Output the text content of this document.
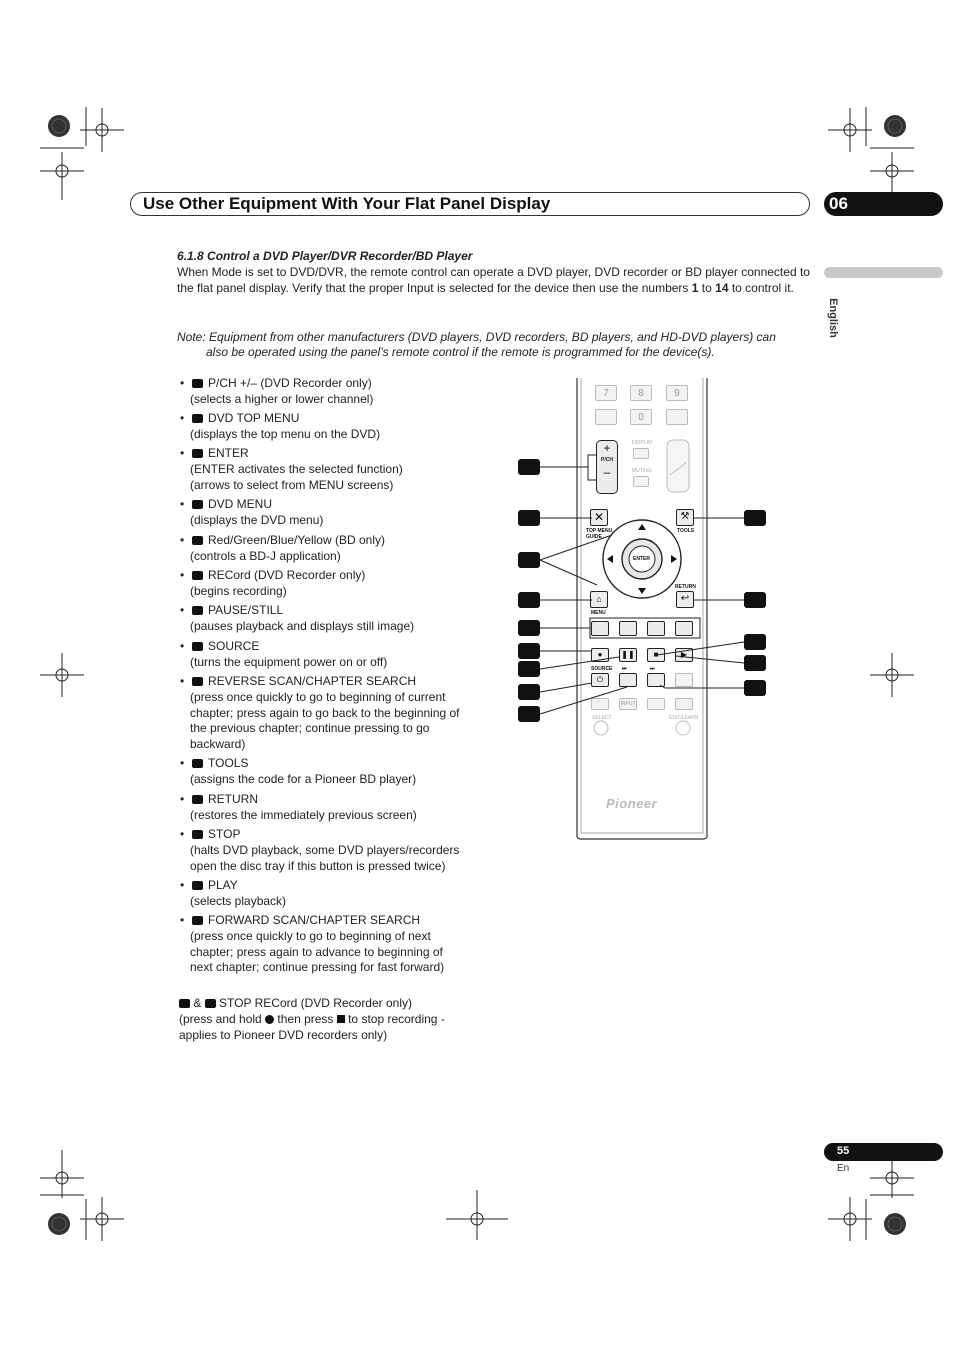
Use Other Equipment With Your Flat Panel Display	06
English
6.1.8 Control a DVD Player/DVR Recorder/BD Player
When Mode is set to DVD/DVR, the remote control can operate a DVD player, DVD recorder or BD player connected to the flat panel display. Verify that the proper Input is selected for the device then use the numbers 1 to 14 to control it.
Note: Equipment from other manufacturers (DVD players, DVD recorders, BD players, and HD-DVD players) can
also be operated using the panel’s remote control if the remote is programmed for the device(s).
•	P/CH +/– (DVD Recorder only)
(selects a higher or lower channel)
•	DVD TOP MENU
(displays the top menu on the DVD)
•	ENTER
(ENTER activates the selected function)
(arrows to select from MENU screens)
•	DVD MENU
(displays the DVD menu)
•	Red/Green/Blue/Yellow (BD only)
(controls a BD-J application)
•	RECord (DVD Recorder only)
(begins recording)
•	PAUSE/STILL
(pauses playback and displays still image)
•	SOURCE
(turns the equipment power on or off)
•	REVERSE SCAN/CHAPTER SEARCH
(press once quickly to go to beginning of current
chapter; press again to go back to the beginning of
the previous chapter; continue pressing to go
backward)
•	TOOLS
(assigns the code for a Pioneer BD player)
•	RETURN
(restores the immediately previous screen)
•	STOP
(halts DVD playback, some DVD players/recorders
open the disc tray if this button is pressed twice)
•	PLAY
(selects playback)
•	FORWARD SCAN/CHAPTER SEARCH
(press once quickly to go to beginning of next
chapter; press again to advance to beginning of
next chapter; continue pressing for fast forward)
& STOP RECord (DVD Recorder only)
(press and hold  then press  to stop recording -
applies to Pioneer DVD recorders only)
7	8	9
0
+
P/CH
–
DISPLAY
MUTING
✕
TOP MENU
GUIDE
⚒
TOOLS
ENTER
⌂
MENU
RETURN
↩
●	❚❚	■	▶
SOURCE
⏻
⏮	⏭
INPUT
SELECT	EDIT/LEARN
Pioneer
55
En
